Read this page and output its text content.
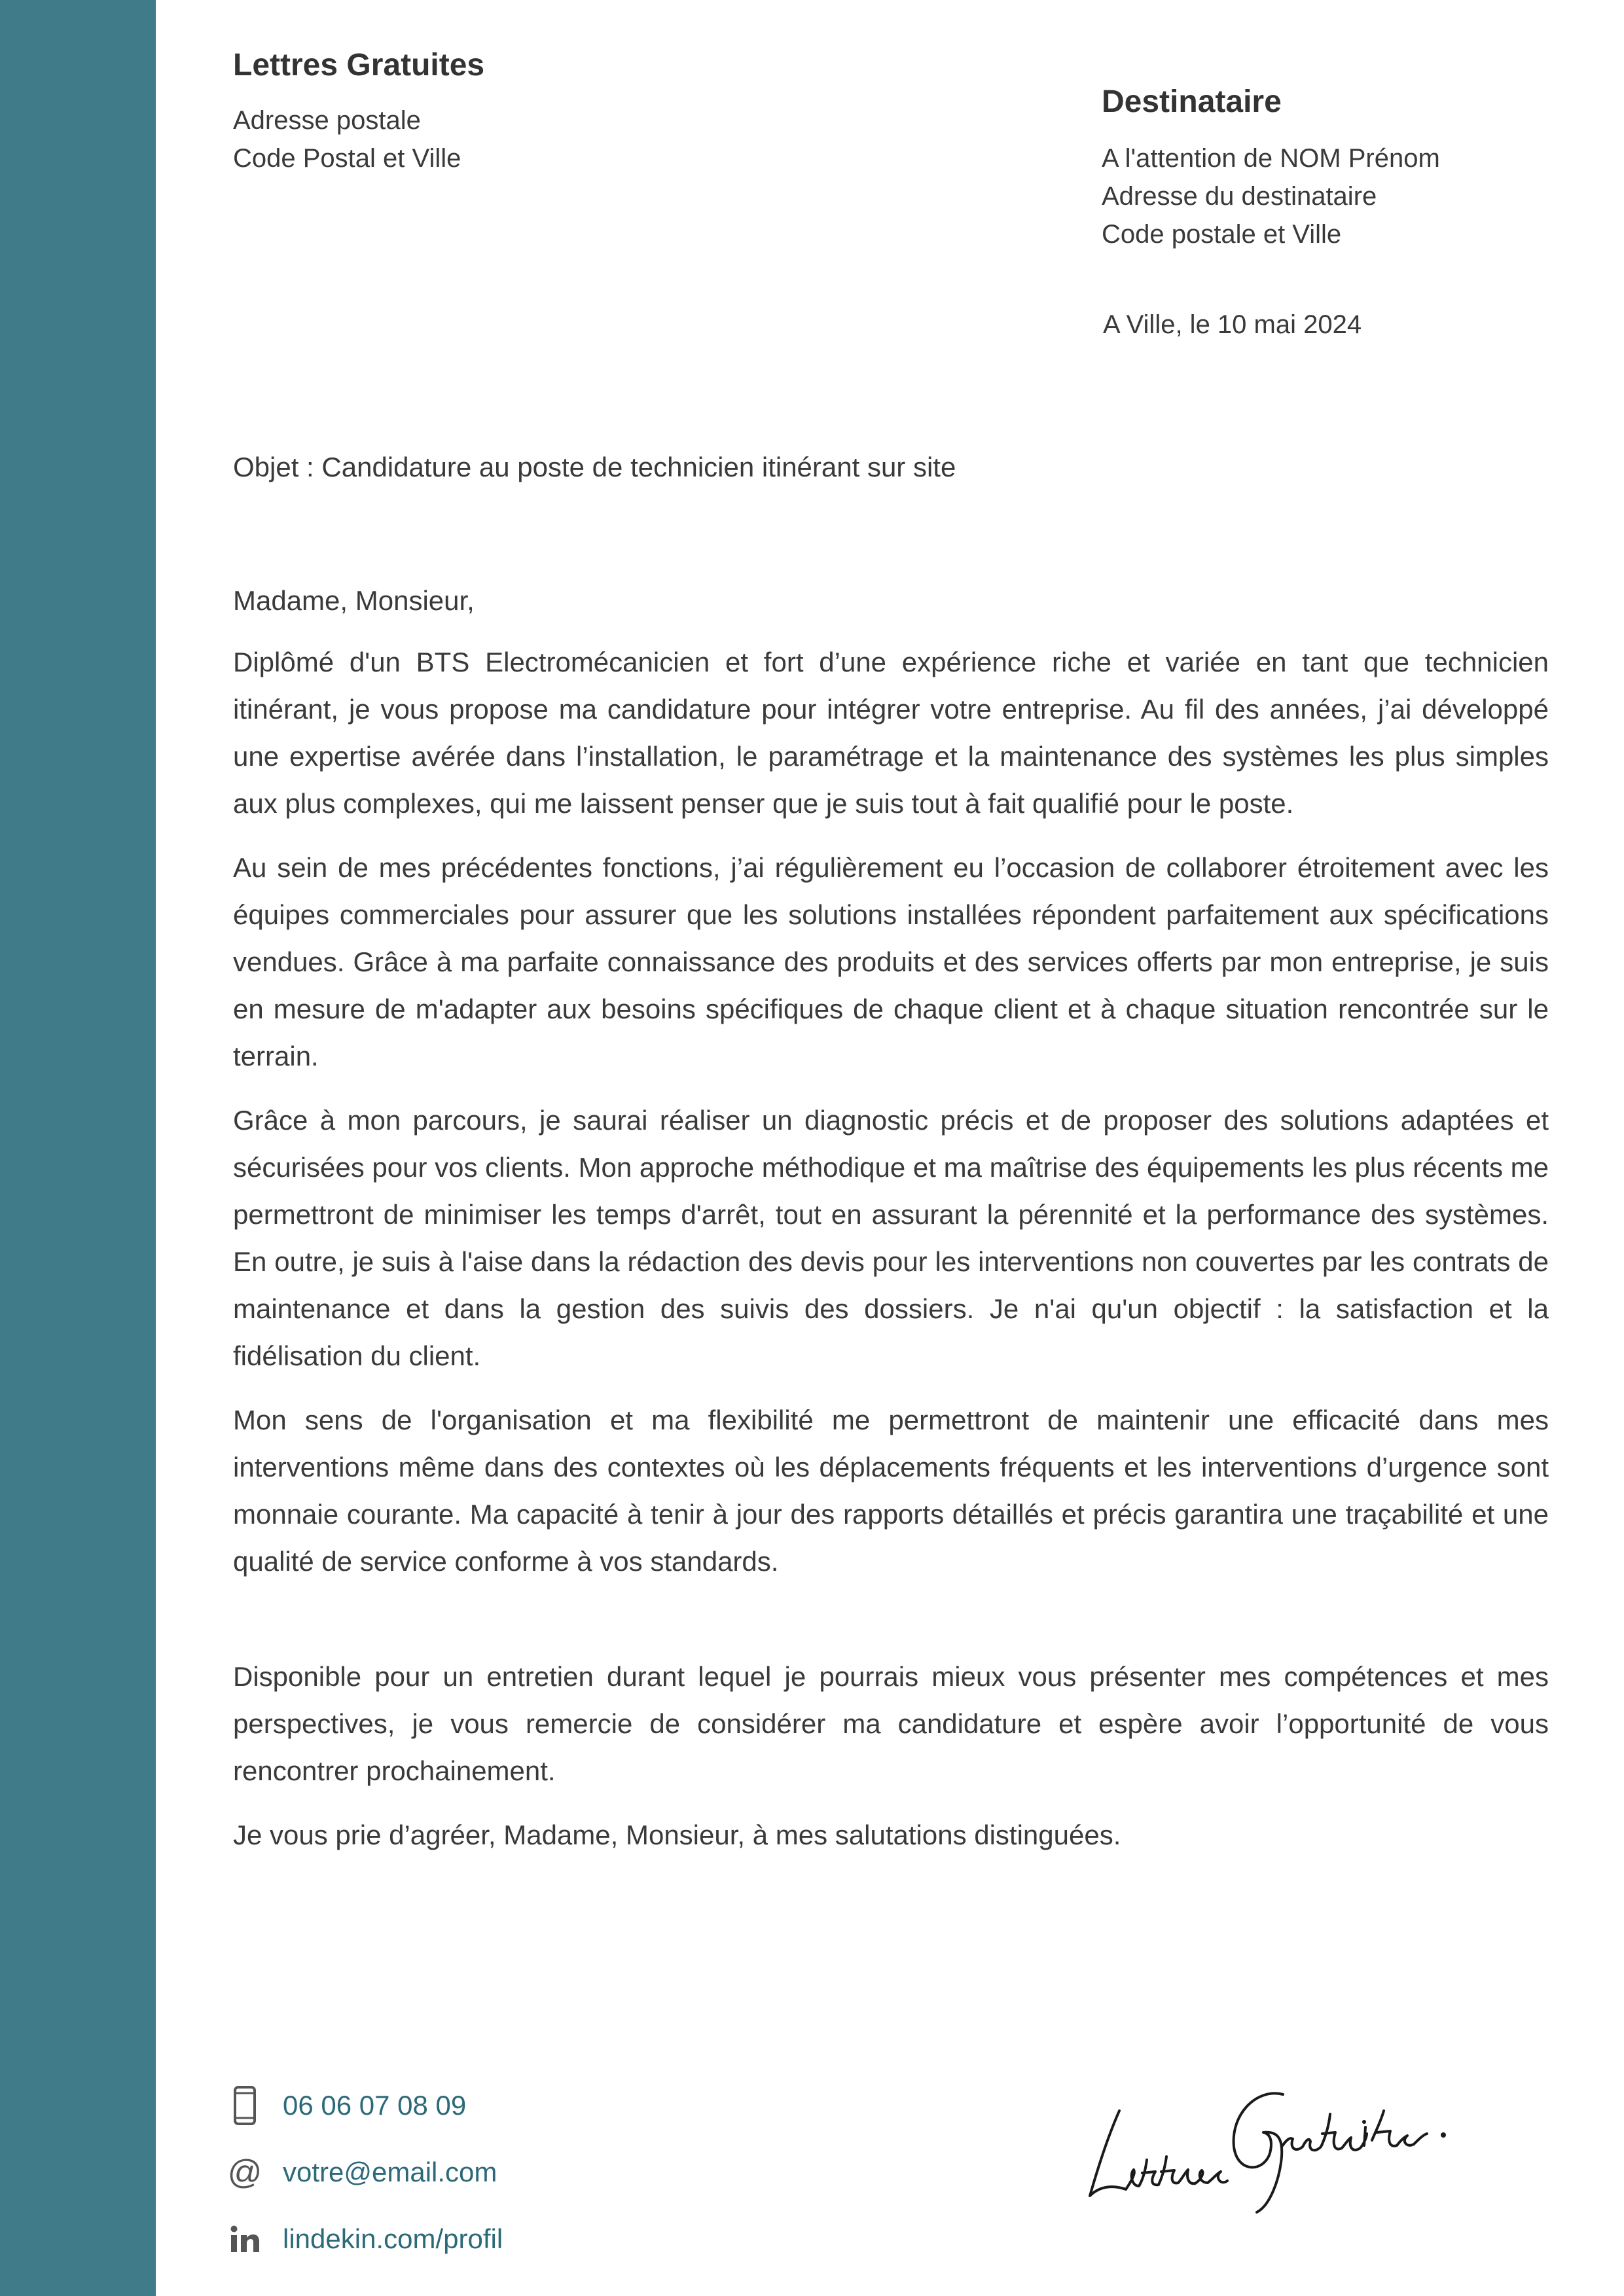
Lettres Gratuites

Adresse postale

Code Postal et Ville

Destinataire

A l'attention de NOM Prénom

Adresse du destinataire

Code postale et Ville

A Ville, le 10 mai 2024
Objet : Candidature au poste de technicien itinérant sur site

Madame, Monsieur,

Diplômé d'un BTS Electromécanicien et fort d’une expérience riche et variée en tant que technicien itinérant, je vous propose ma candidature pour intégrer votre entreprise. Au fil des années, j’ai développé une expertise avérée dans l’installation, le paramétrage et la maintenance des systèmes les plus simples aux plus complexes, qui me laissent penser que je suis tout à fait qualifié pour le poste.

Au sein de mes précédentes fonctions, j’ai régulièrement eu l’occasion de collaborer étroitement avec les équipes commerciales pour assurer que les solutions installées répondent parfaitement aux spécifications vendues. Grâce à ma parfaite connaissance des produits et des services offerts par mon entreprise, je suis en mesure de m'adapter aux besoins spécifiques de chaque client et à chaque situation rencontrée sur le terrain.

Grâce à mon parcours, je saurai réaliser un diagnostic précis et de proposer des solutions adaptées et sécurisées pour vos clients. Mon approche méthodique et ma maîtrise des équipements les plus récents me permettront de minimiser les temps d'arrêt, tout en assurant la pérennité et la performance des systèmes. En outre, je suis à l'aise dans la rédaction des devis pour les interventions non couvertes par les contrats de maintenance et dans la gestion des suivis des dossiers. Je n'ai qu'un objectif : la satisfaction et la fidélisation du client.

Mon sens de l'organisation et ma flexibilité me permettront de maintenir une efficacité dans mes interventions même dans des contextes où les déplacements fréquents et les interventions d’urgence sont monnaie courante. Ma capacité à tenir à jour des rapports détaillés et précis garantira une traçabilité et une qualité de service conforme à vos standards.

Disponible pour un entretien durant lequel je pourrais mieux vous présenter mes compétences et mes perspectives, je vous remercie de considérer ma candidature et espère avoir l’opportunité de vous rencontrer prochainement.

Je vous prie d’agréer, Madame, Monsieur, à mes salutations distinguées.

06 06 07 08 09
@ votre@email.com
lindekin.com/profil
